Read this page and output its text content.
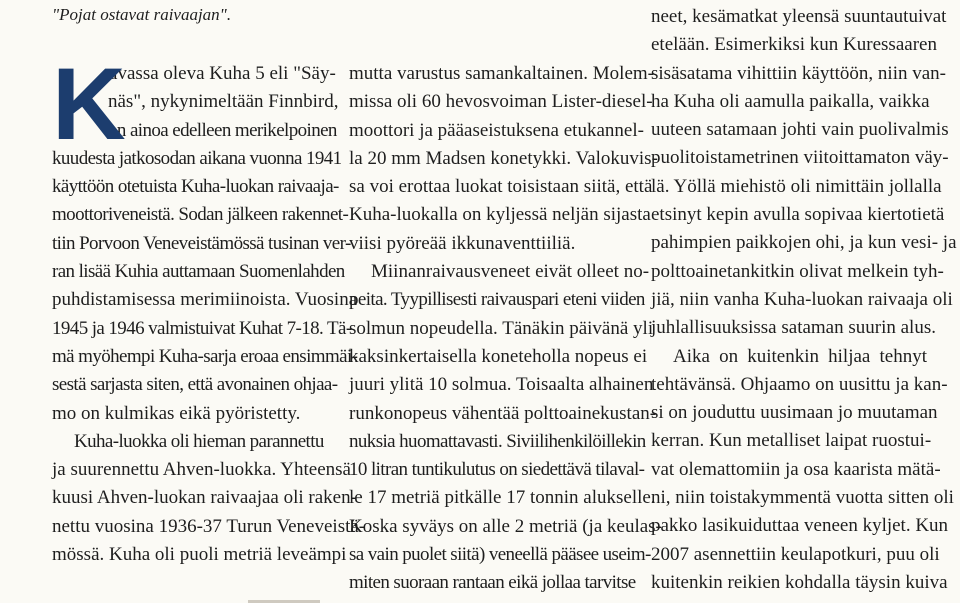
"Pojat ostavat raivaajan".

K
uvassa oleva Kuha 5 eli "Säy-
näs", nykynimeltään Finnbird,
on ainoa edelleen merikelpoinen
kuudesta jatkosodan aikana vuonna 1941
käyttöön otetuista Kuha-luokan raivaaja-
moottoriveneistä. Sodan jälkeen rakennet-
tiin Porvoon Veneveistämössä tusinan ver-
ran lisää Kuhia auttamaan Suomenlahden
puhdistamisessa merimiinoista. Vuosina
1945 ja 1946 valmistuivat Kuhat 7-18. Tä-
mä myöhempi Kuha-sarja eroaa ensimmäi-
sestä sarjasta siten, että avonainen ohjaa-
mo on kulmikas eikä pyöristetty.
Kuha-luokka oli hieman parannettu
ja suurennettu Ahven-luokka. Yhteensä
kuusi Ahven-luokan raivaajaa oli raken-
nettu vuosina 1936-37 Turun Veneveistä-
mössä. Kuha oli puoli metriä leveämpi
mutta varustus samankaltainen. Molem-
missa oli 60 hevosvoiman Lister-diesel-
moottori ja pääaseistuksena etukannel-
la 20 mm Madsen konetykki. Valokuvis-
sa voi erottaa luokat toisistaan siitä, että
Kuha-luokalla on kyljessä neljän sijasta
viisi pyöreää ikkunaventtiiliä.
Miinanraivausveneet eivät olleet no-
peita. Tyypillisesti raivauspari eteni viiden
solmun nopeudella. Tänäkin päivänä yli
kaksinkertaisella koneteholla nopeus ei
juuri ylitä 10 solmua. Toisaalta alhainen
runkonopeus vähentää polttoainekustan-
nuksia huomattavasti. Siviilihenkilöillekin
10 litran tuntikulutus on siedettävä tilaval-
le 17 metriä pitkälle 17 tonnin alukselle.
Koska syväys on alle 2 metriä (ja keulas-
sa vain puolet siitä) veneellä pääsee useim-
miten suoraan rantaan eikä jollaa tarvitse
neet, kesämatkat yleensä suuntautuivat
etelään. Esimerkiksi kun Kuressaaren
sisäsatama vihittiin käyttöön, niin van-
ha Kuha oli aamulla paikalla, vaikka
uuteen satamaan johti vain puolivalmis
puolitoistametrinen viitoittamaton väy-
lä. Yöllä miehistö oli nimittäin jollalla
etsinyt kepin avulla sopivaa kiertotietä
pahimpien paikkojen ohi, ja kun vesi- ja
polttoainetankitkin olivat melkein tyh-
jiä, niin vanha Kuha-luokan raivaaja oli
juhlallisuuksissa sataman suurin alus.
Aika on kuitenkin hiljaa tehnyt
tehtävänsä. Ohjaamo on uusittu ja kan-
si on jouduttu uusimaan jo muutaman
kerran. Kun metalliset laipat ruostui-
vat olemattomiin ja osa kaarista mätä-
ni, niin toistakymmentä vuotta sitten oli
pakko lasikuiduttaa veneen kyljet. Kun
2007 asennettiin keulapotkuri, puu oli
kuitenkin reikien kohdalla täysin kuiva
